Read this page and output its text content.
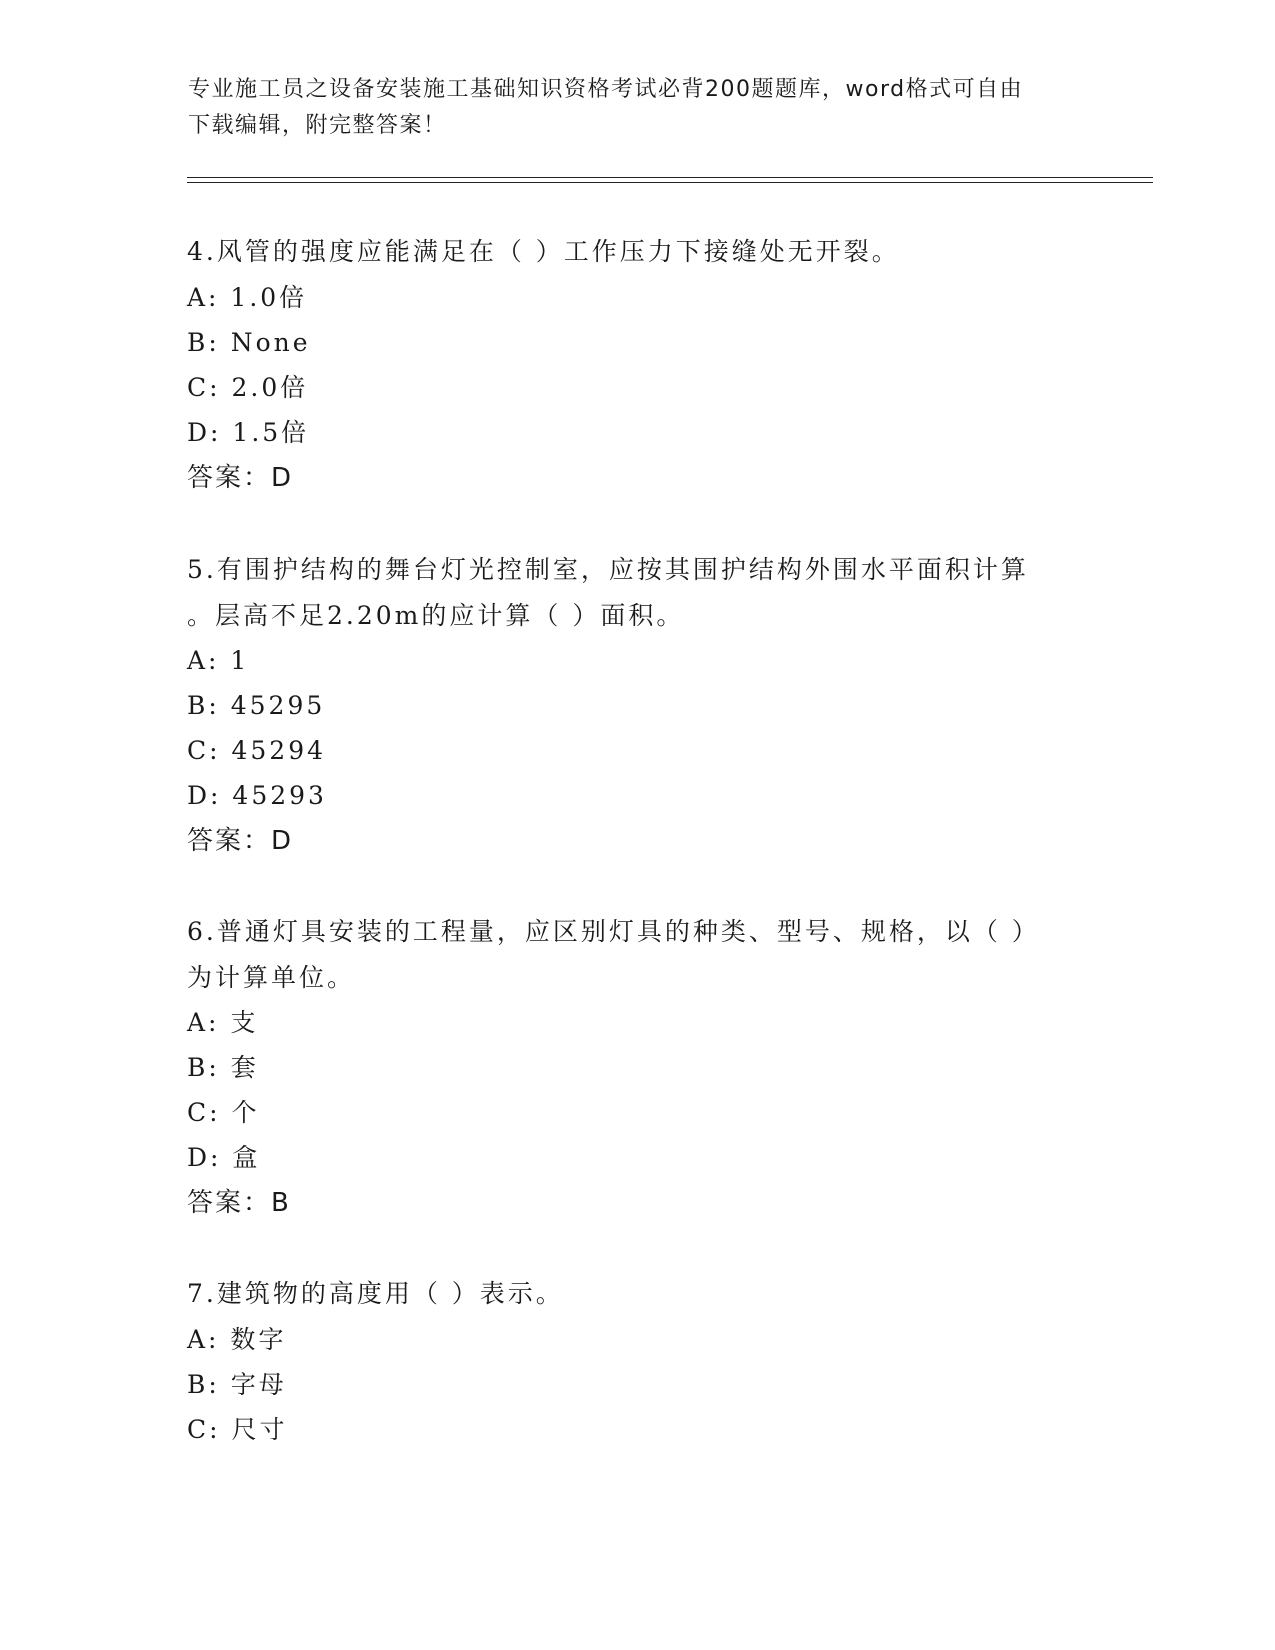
专业施工员之设备安装施工基础知识资格考试必背200题题库，word格式可自由
下载编辑，附完整答案！
4.风管的强度应能满足在（ ）工作压力下接缝处无开裂。
A: 1.0倍
B: None
C: 2.0倍
D: 1.5倍
答案：D
5.有围护结构的舞台灯光控制室，应按其围护结构外围水平面积计算
。层高不足2.20m的应计算（ ）面积。
A: 1
B: 45295
C: 45294
D: 45293
答案：D
6.普通灯具安装的工程量，应区别灯具的种类、型号、规格，以（ ）
为计算单位。
A: 支
B: 套
C: 个
D: 盒
答案：B
7.建筑物的高度用（ ）表示。
A: 数字
B: 字母
C: 尺寸
